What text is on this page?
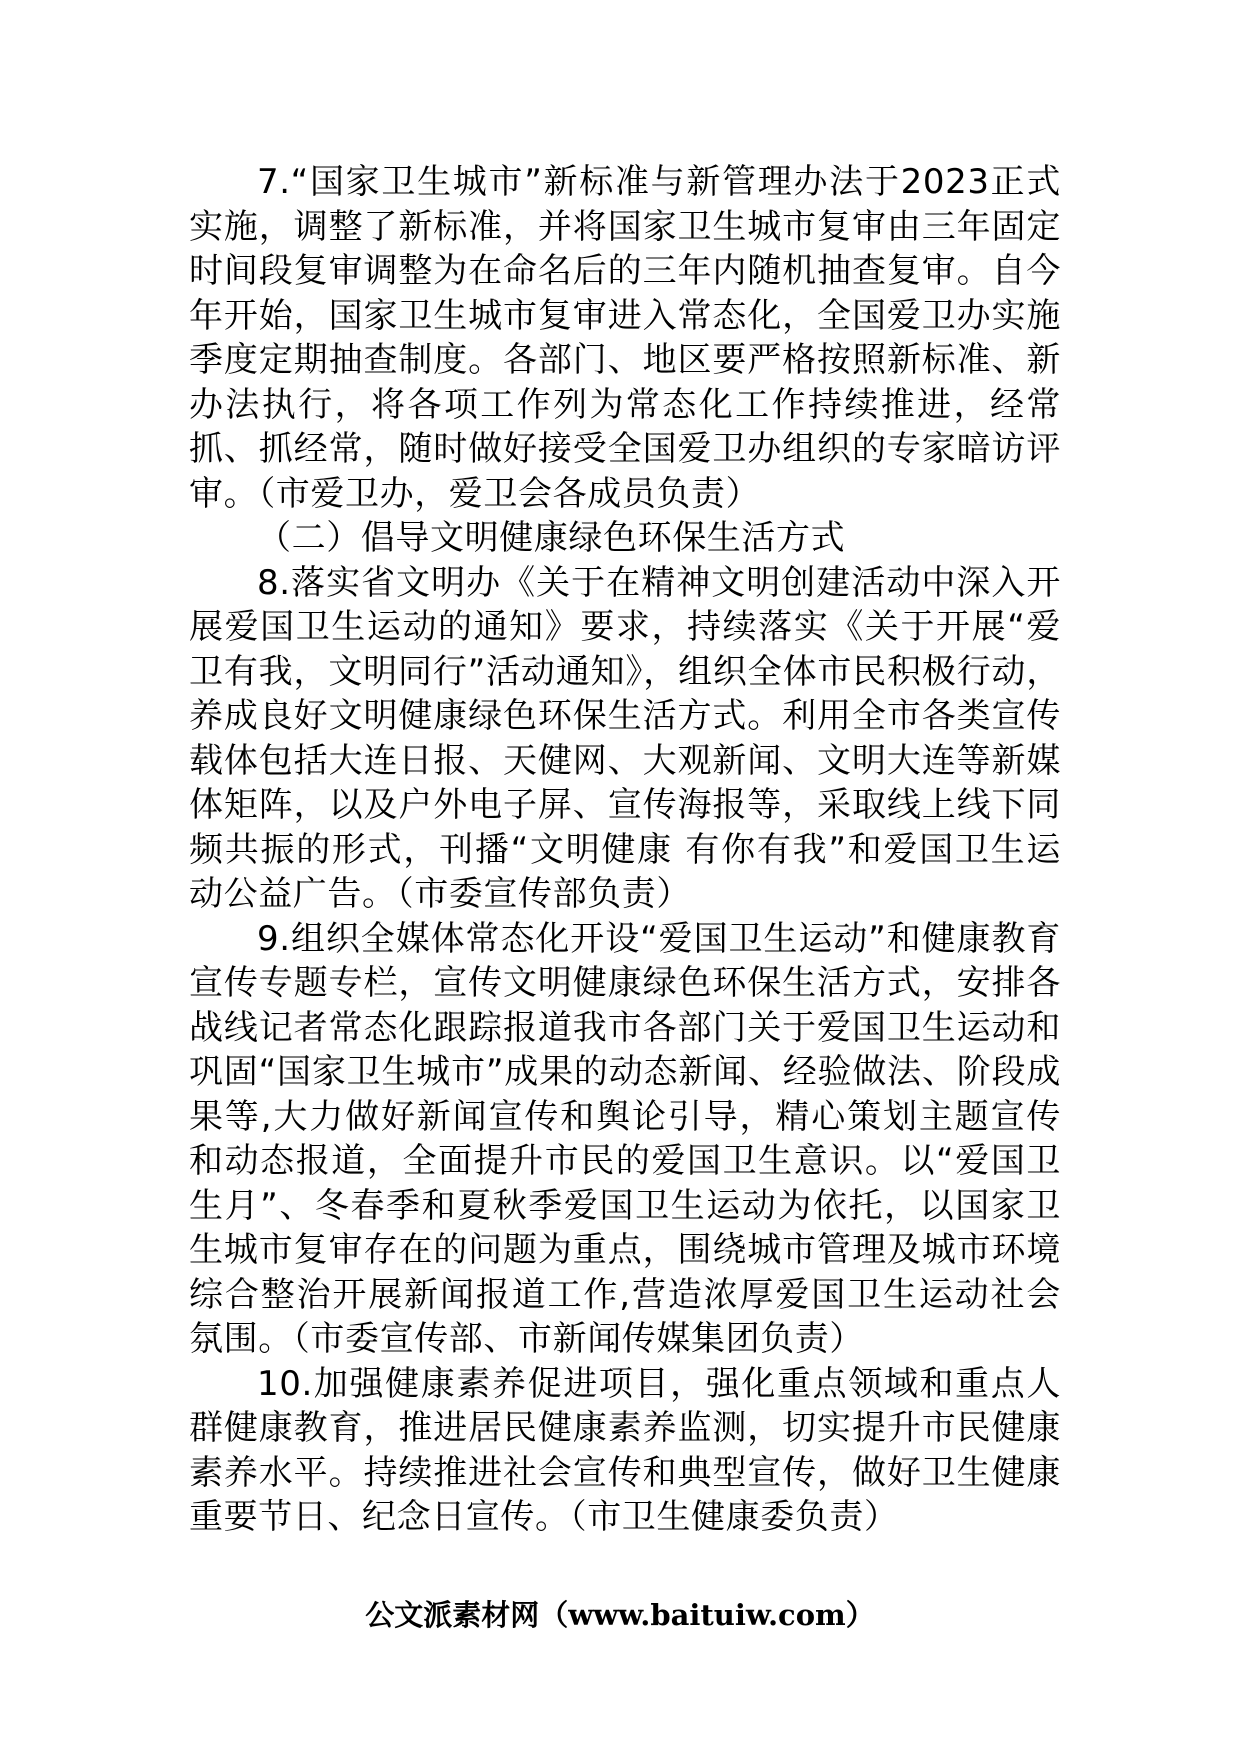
7.“国家卫生城市”新标准与新管理办法于2023正式实施，调整了新标准，并将国家卫生城市复审由三年固定时间段复审调整为在命名后的三年内随机抽查复审。自今年开始，国家卫生城市复审进入常态化，全国爱卫办实施季度定期抽查制度。各部门、地区要严格按照新标准、新办法执行，将各项工作列为常态化工作持续推进，经常抓、抓经常，随时做好接受全国爱卫办组织的专家暗访评审。（市爱卫办，爱卫会各成员负责）

（二）倡导文明健康绿色环保生活方式

8.落实省文明办《关于在精神文明创建活动中深入开展爱国卫生运动的通知》要求，持续落实《关于开展“爱卫有我，文明同行”活动通知》，组织全体市民积极行动，养成良好文明健康绿色环保生活方式。利用全市各类宣传载体包括大连日报、天健网、大观新闻、文明大连等新媒体矩阵，以及户外电子屏、宣传海报等，采取线上线下同频共振的形式，刊播“文明健康 有你有我”和爱国卫生运动公益广告。（市委宣传部负责）

9.组织全媒体常态化开设“爱国卫生运动”和健康教育宣传专题专栏，宣传文明健康绿色环保生活方式，安排各战线记者常态化跟踪报道我市各部门关于爱国卫生运动和巩固“国家卫生城市”成果的动态新闻、经验做法、阶段成果等,大力做好新闻宣传和舆论引导，精心策划主题宣传和动态报道，全面提升市民的爱国卫生意识。以“爱国卫生月”、冬春季和夏秋季爱国卫生运动为依托，以国家卫生城市复审存在的问题为重点，围绕城市管理及城市环境综合整治开展新闻报道工作,营造浓厚爱国卫生运动社会氛围。（市委宣传部、市新闻传媒集团负责）

10.加强健康素养促进项目，强化重点领域和重点人群健康教育，推进居民健康素养监测，切实提升市民健康素养水平。持续推进社会宣传和典型宣传，做好卫生健康重要节日、纪念日宣传。（市卫生健康委负责）

公文派素材网（www.baituiw.com）
